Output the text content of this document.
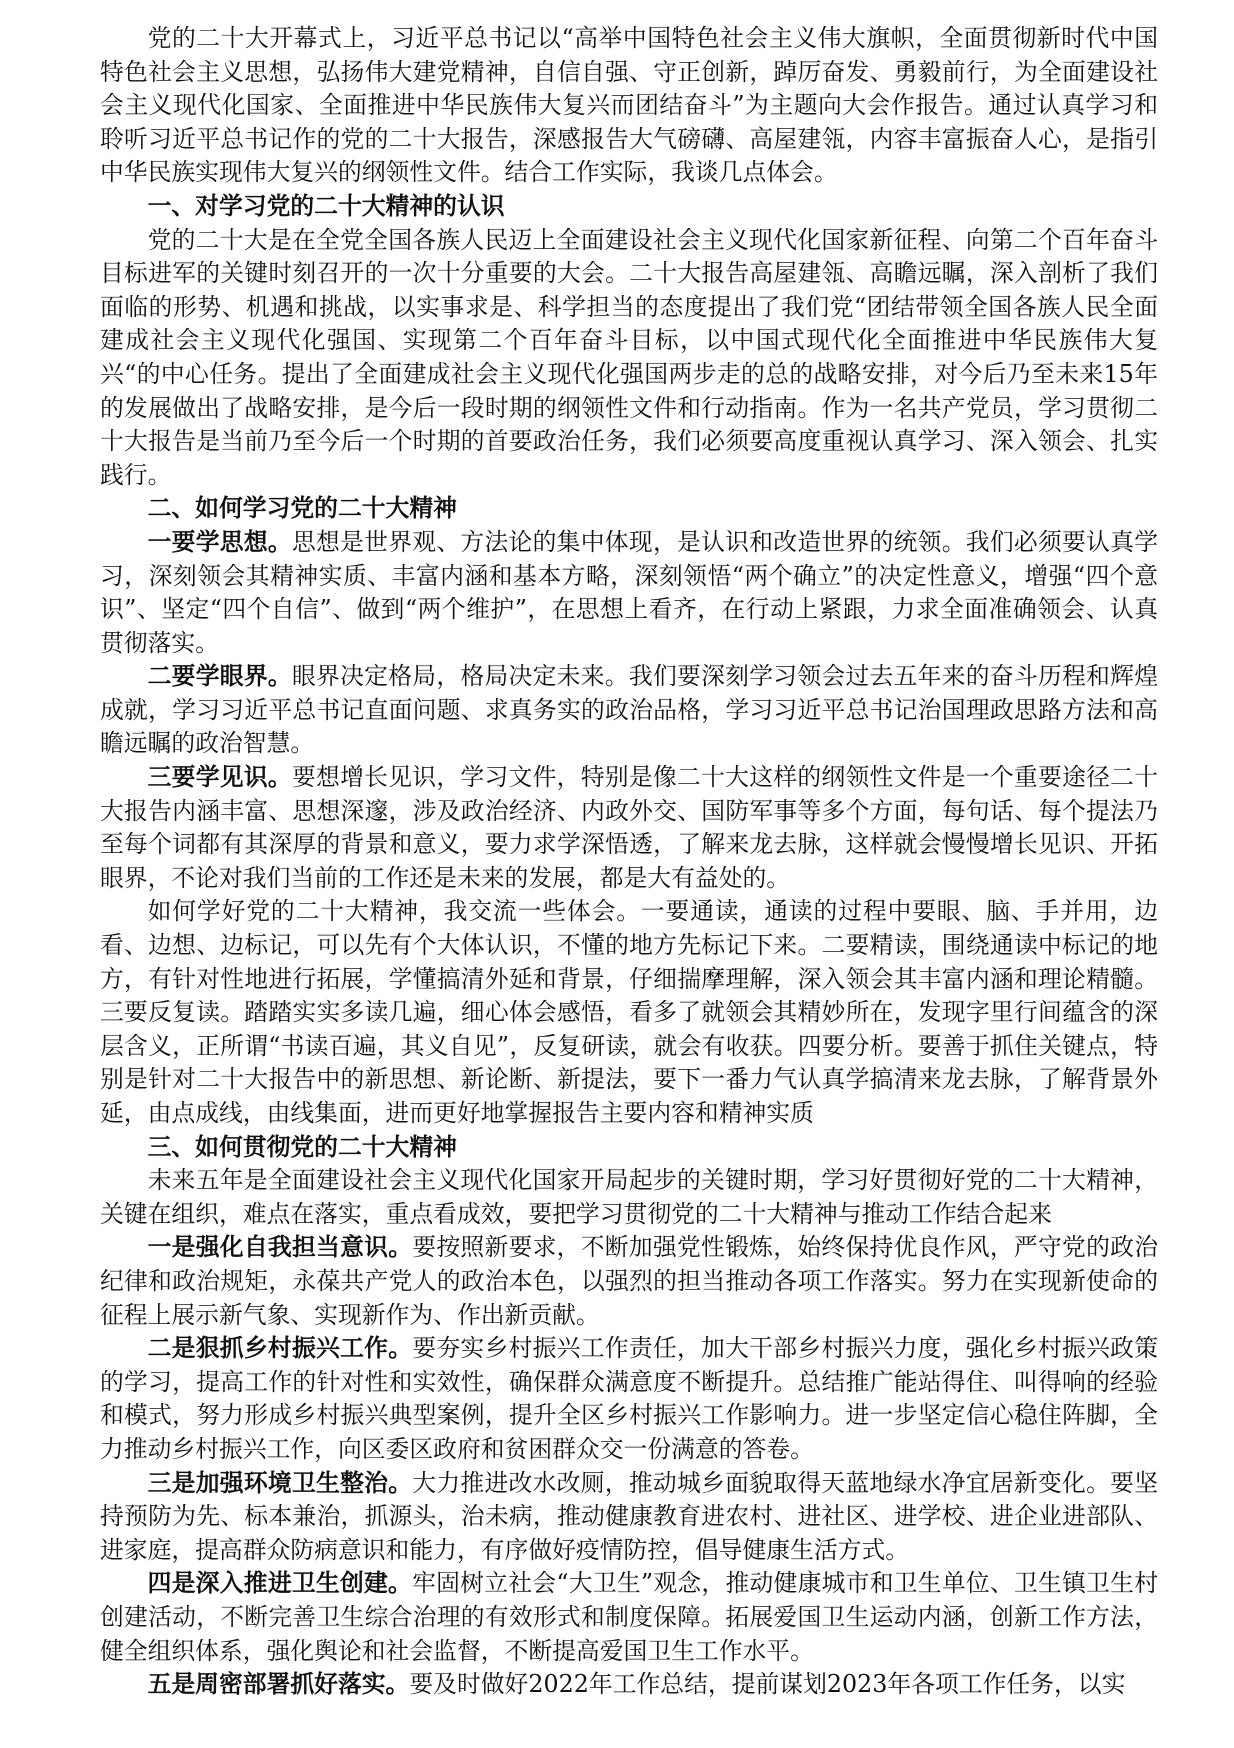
党的二十大开幕式上，习近平总书记以“高举中国特色社会主义伟大旗帜，全面贯彻新时代中国特色社会主义思想，弘扬伟大建党精神，自信自强、守正创新，踔厉奋发、勇毅前行，为全面建设社会主义现代化国家、全面推进中华民族伟大复兴而团结奋斗”为主题向大会作报告。通过认真学习和聆听习近平总书记作的党的二十大报告，深感报告大气磅礴、高屋建瓴，内容丰富振奋人心，是指引中华民族实现伟大复兴的纲领性文件。结合工作实际，我谈几点体会。

一、对学习党的二十大精神的认识

党的二十大是在全党全国各族人民迈上全面建设社会主义现代化国家新征程、向第二个百年奋斗目标进军的关键时刻召开的一次十分重要的大会。二十大报告高屋建瓴、高瞻远瞩，深入剖析了我们面临的形势、机遇和挑战，以实事求是、科学担当的态度提出了我们党“团结带领全国各族人民全面建成社会主义现代化强国、实现第二个百年奋斗目标，以中国式现代化全面推进中华民族伟大复兴“的中心任务。提出了全面建成社会主义现代化强国两步走的总的战略安排，对今后乃至未来15年的发展做出了战略安排，是今后一段时期的纲领性文件和行动指南。作为一名共产党员，学习贯彻二十大报告是当前乃至今后一个时期的首要政治任务，我们必须要高度重视认真学习、深入领会、扎实践行。

二、如何学习党的二十大精神

一要学思想。思想是世界观、方法论的集中体现，是认识和改造世界的统领。我们必须要认真学习，深刻领会其精神实质、丰富内涵和基本方略，深刻领悟“两个确立”的决定性意义，增强“四个意识”、坚定“四个自信”、做到“两个维护”，在思想上看齐，在行动上紧跟，力求全面准确领会、认真贯彻落实。

二要学眼界。眼界决定格局，格局决定未来。我们要深刻学习领会过去五年来的奋斗历程和辉煌成就，学习习近平总书记直面问题、求真务实的政治品格，学习习近平总书记治国理政思路方法和高瞻远瞩的政治智慧。

三要学见识。要想增长见识，学习文件，特别是像二十大这样的纲领性文件是一个重要途径二十大报告内涵丰富、思想深邃，涉及政治经济、内政外交、国防军事等多个方面，每句话、每个提法乃至每个词都有其深厚的背景和意义，要力求学深悟透，了解来龙去脉，这样就会慢慢增长见识、开拓眼界，不论对我们当前的工作还是未来的发展，都是大有益处的。

如何学好党的二十大精神，我交流一些体会。一要通读，通读的过程中要眼、脑、手并用，边看、边想、边标记，可以先有个大体认识，不懂的地方先标记下来。二要精读，围绕通读中标记的地方，有针对性地进行拓展，学懂搞清外延和背景，仔细揣摩理解，深入领会其丰富内涵和理论精髓。三要反复读。踏踏实实多读几遍，细心体会感悟，看多了就领会其精妙所在，发现字里行间蕴含的深层含义，正所谓“书读百遍，其义自见”，反复研读，就会有收获。四要分析。要善于抓住关键点，特别是针对二十大报告中的新思想、新论断、新提法，要下一番力气认真学搞清来龙去脉，了解背景外延，由点成线，由线集面，进而更好地掌握报告主要内容和精神实质

三、如何贯彻党的二十大精神

未来五年是全面建设社会主义现代化国家开局起步的关键时期，学习好贯彻好党的二十大精神，关键在组织，难点在落实，重点看成效，要把学习贯彻党的二十大精神与推动工作结合起来

一是强化自我担当意识。要按照新要求，不断加强党性锻炼，始终保持优良作风，严守党的政治纪律和政治规矩，永葆共产党人的政治本色，以强烈的担当推动各项工作落实。努力在实现新使命的征程上展示新气象、实现新作为、作出新贡献。

二是狠抓乡村振兴工作。要夯实乡村振兴工作责任，加大干部乡村振兴力度，强化乡村振兴政策的学习，提高工作的针对性和实效性，确保群众满意度不断提升。总结推广能站得住、叫得响的经验和模式，努力形成乡村振兴典型案例，提升全区乡村振兴工作影响力。进一步坚定信心稳住阵脚，全力推动乡村振兴工作，向区委区政府和贫困群众交一份满意的答卷。

三是加强环境卫生整治。大力推进改水改厕，推动城乡面貌取得天蓝地绿水净宜居新变化。要坚持预防为先、标本兼治，抓源头，治未病，推动健康教育进农村、进社区、进学校、进企业进部队、进家庭，提高群众防病意识和能力，有序做好疫情防控，倡导健康生活方式。

四是深入推进卫生创建。牢固树立社会“大卫生”观念，推动健康城市和卫生单位、卫生镇卫生村创建活动，不断完善卫生综合治理的有效形式和制度保障。拓展爱国卫生运动内涵，创新工作方法，健全组织体系，强化舆论和社会监督，不断提高爱国卫生工作水平。

五是周密部署抓好落实。要及时做好2022年工作总结，提前谋划2023年各项工作任务，以实
